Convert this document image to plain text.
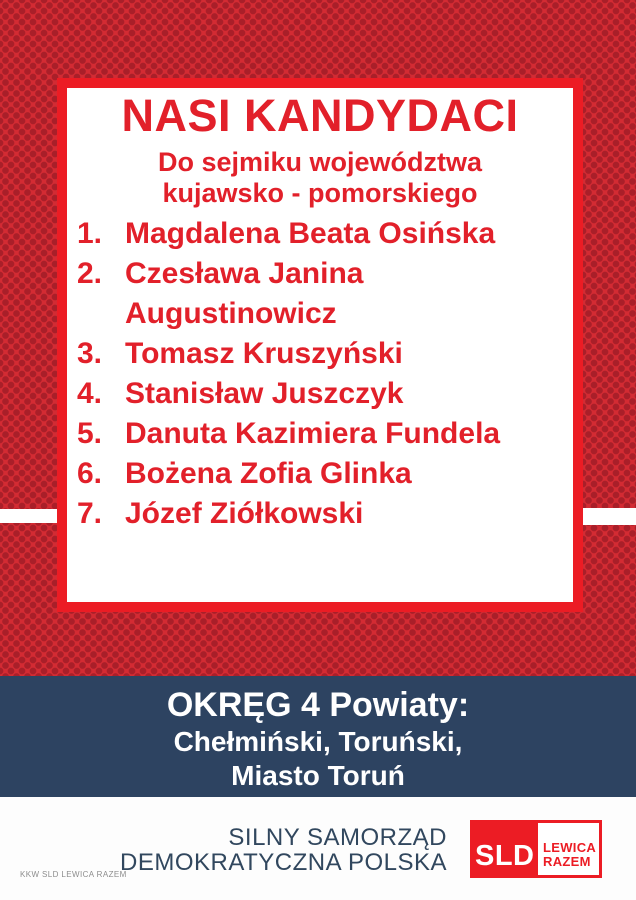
NASI KANDYDACI
Do sejmiku województwa
kujawsko - pomorskiego
1. Magdalena Beata Osińska
2. Czesława Janina Augustinowicz
3. Tomasz Kruszyński
4. Stanisław Juszczyk
5. Danuta Kazimiera Fundela
6. Bożena Zofia Glinka
7. Józef Ziółkowski
OKRĘG 4 Powiaty:
Chełmiński, Toruński,
Miasto Toruń
KKW SLD LEWICA RAZEM
SILNY SAMORZĄD
DEMOKRATYCZNA POLSKA SLD LEWICA
RAZEM
